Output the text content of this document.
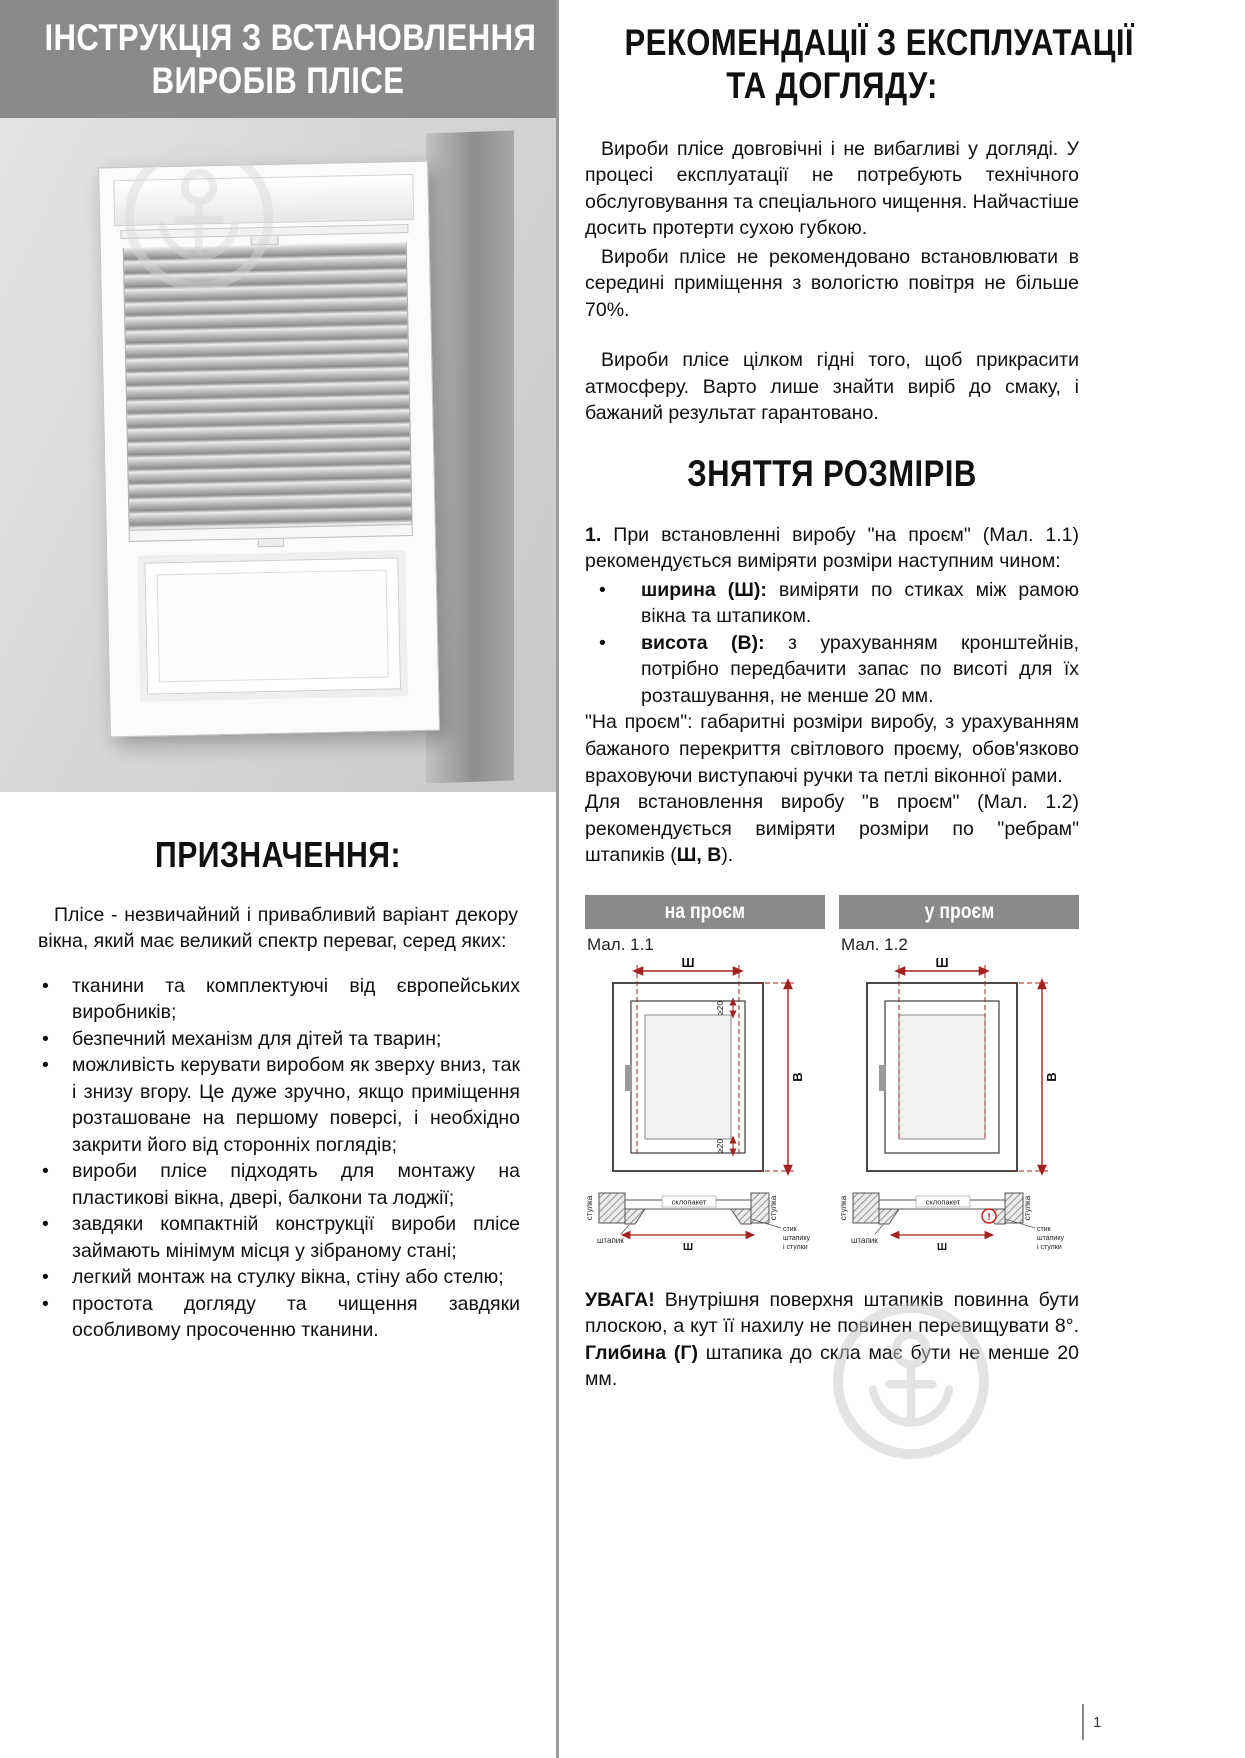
ІНСТРУКЦІЯ З ВСТАНОВЛЕННЯ
ВИРОБІВ ПЛІСЕ
ПРИЗНАЧЕННЯ:

Плісе - незвичайний і привабливий варіант декору вікна, який має великий спектр переваг, серед яких:

• тканини та комплектуючі від європейських виробників;
• безпечний механізм для дітей та тварин;
• можливість керувати виробом як зверху вниз, так і знизу вгору. Це дуже зручно, якщо приміщення розташоване на першому поверсі, і необхідно закрити його від сторонніх поглядів;
• вироби плісе підходять для монтажу на пластикові вікна, двері, балкони та лоджії;
• завдяки компактній конструкції вироби плісе займають мінімум місця у зібраному стані;
• легкий монтаж на стулку вікна, стіну або стелю;
• простота догляду та чищення завдяки особливому просоченню тканини.
РЕКОМЕНДАЦІЇ З ЕКСПЛУАТАЦІЇ
ТА ДОГЛЯДУ:

Вироби плісе довговічні і не вибагливі у догляді. У процесі експлуатації не потребують технічного обслуговування та спеціального чищення. Найчастіше досить протерти сухою губкою.

Вироби плісе не рекомендовано встановлювати в середині приміщення з вологістю повітря не більше 70%.

Вироби плісе цілком гідні того, щоб прикрасити атмосферу. Варто лише знайти виріб до смаку, і бажаний результат гарантовано.

ЗНЯТТЯ РОЗМІРІВ

1. При встановленні виробу "на проєм" (Мал. 1.1) рекомендується виміряти розміри наступним чином:

• ширина (Ш): виміряти по стиках між рамою вікна та штапиком.
• висота (В): з урахуванням кронштейнів, потрібно передбачити запас по висоті для їх розташування, не менше 20 мм.

"На проєм": габаритні розміри виробу, з урахуванням бажаного перекриття світлового проєму, обов'язково враховуючи виступаючі ручки та петлі віконної рами.

Для встановлення виробу "в проєм" (Мал. 1.2) рекомендується виміряти розміри по "ребрам" штапиків (Ш, В).

на проєм
Мал. 1.1
Ш
В
≥20
≥20
склопакет
стулка	стулка
штапик
Ш
стик
штапику
і стулки
у проєм
Мал. 1.2
Ш
В
склопакет
!
стулка	стулка
штапик
Ш
стик
штапику
і стулки

УВАГА! Внутрішня поверхня штапиків повинна бути плоскою, а кут її нахилу не повинен перевищувати 8°. Глибина (Г) штапика до скла має бути не менше 20 мм.

1
